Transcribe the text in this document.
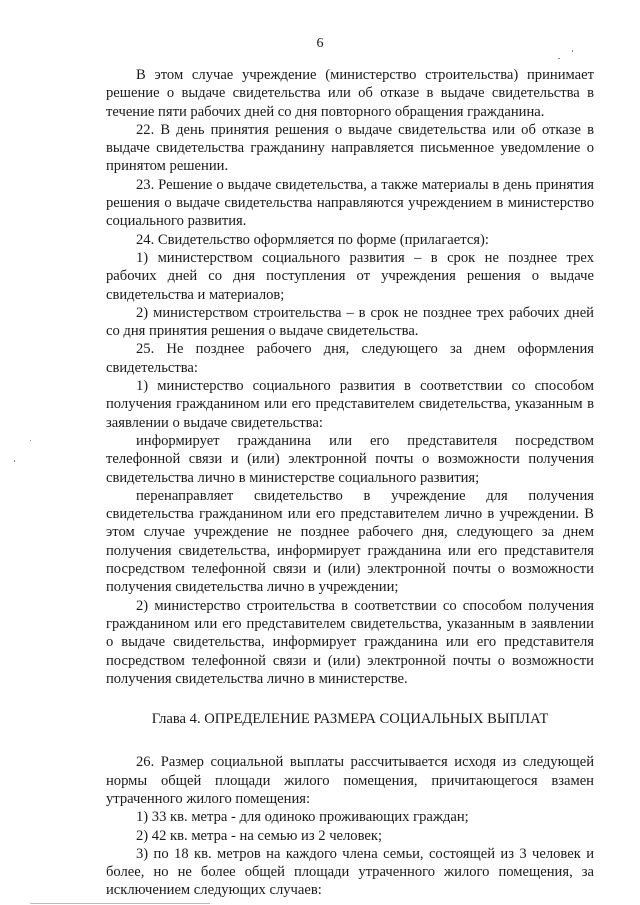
6

В этом случае учреждение (министерство строительства) принимает решение о выдаче свидетельства или об отказе в выдаче свидетельства в течение пяти рабочих дней со дня повторного обращения гражданина.

22. В день принятия решения о выдаче свидетельства или об отказе в выдаче свидетельства гражданину направляется письменное уведомление о принятом решении.

23. Решение о выдаче свидетельства, а также материалы в день принятия решения о выдаче свидетельства направляются учреждением в министерство социального развития.

24. Свидетельство оформляется по форме (прилагается):

1) министерством социального развития – в срок не позднее трех рабочих дней со дня поступления от учреждения решения о выдаче свидетельства и материалов;

2) министерством строительства – в срок не позднее трех рабочих дней со дня принятия решения о выдаче свидетельства.

25. Не позднее рабочего дня, следующего за днем оформления свидетельства:

1) министерство социального развития в соответствии со способом получения гражданином или его представителем свидетельства, указанным в заявлении о выдаче свидетельства:

информирует гражданина или его представителя посредством телефонной связи и (или) электронной почты о возможности получения свидетельства лично в министерстве социального развития;

перенаправляет свидетельство в учреждение для получения свидетельства гражданином или его представителем лично в учреждении. В этом случае учреждение не позднее рабочего дня, следующего за днем получения свидетельства, информирует гражданина или его представителя посредством телефонной связи и (или) электронной почты о возможности получения свидетельства лично в учреждении;

2) министерство строительства в соответствии со способом получения гражданином или его представителем свидетельства, указанным в заявлении о выдаче свидетельства, информирует гражданина или его представителя посредством телефонной связи и (или) электронной почты о возможности получения свидетельства лично в министерстве.

Глава 4. ОПРЕДЕЛЕНИЕ РАЗМЕРА СОЦИАЛЬНЫХ ВЫПЛАТ

26. Размер социальной выплаты рассчитывается исходя из следующей нормы общей площади жилого помещения, причитающегося взамен утраченного жилого помещения:

1) 33 кв. метра - для одиноко проживающих граждан;

2) 42 кв. метра - на семью из 2 человек;

3) по 18 кв. метров на каждого члена семьи, состоящей из 3 человек и более, но не более общей площади утраченного жилого помещения, за исключением следующих случаев:
